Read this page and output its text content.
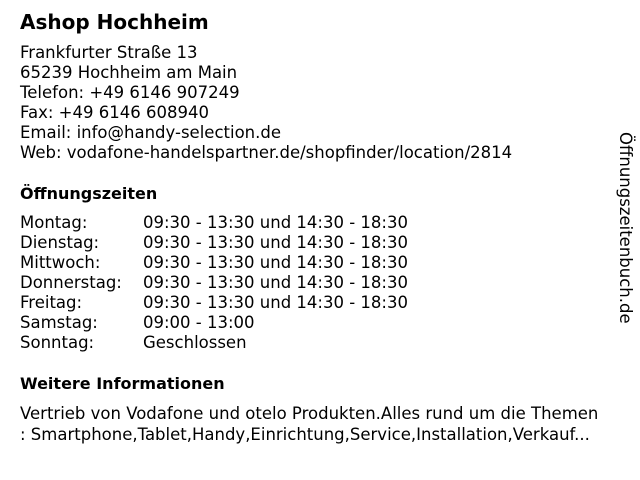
Ashop Hochheim
Frankfurter Straße 13
65239 Hochheim am Main
Telefon: +49 6146 907249
Fax: +49 6146 608940
Email: info@handy-selection.de
Web: vodafone-handelspartner.de/shopfinder/location/2814
Öffnungszeiten
Montag:	09:30 - 13:30 und 14:30 - 18:30
Dienstag:	09:30 - 13:30 und 14:30 - 18:30
Mittwoch:	09:30 - 13:30 und 14:30 - 18:30
Donnerstag:	09:30 - 13:30 und 14:30 - 18:30
Freitag:	09:30 - 13:30 und 14:30 - 18:30
Samstag:	09:00 - 13:00
Sonntag:	Geschlossen
Weitere Informationen
Vertrieb von Vodafone und otelo Produkten.Alles rund um die Themen
: Smartphone,Tablet,Handy,Einrichtung,Service,Installation,Verkauf...
Öffnungszeitenbuch.de
